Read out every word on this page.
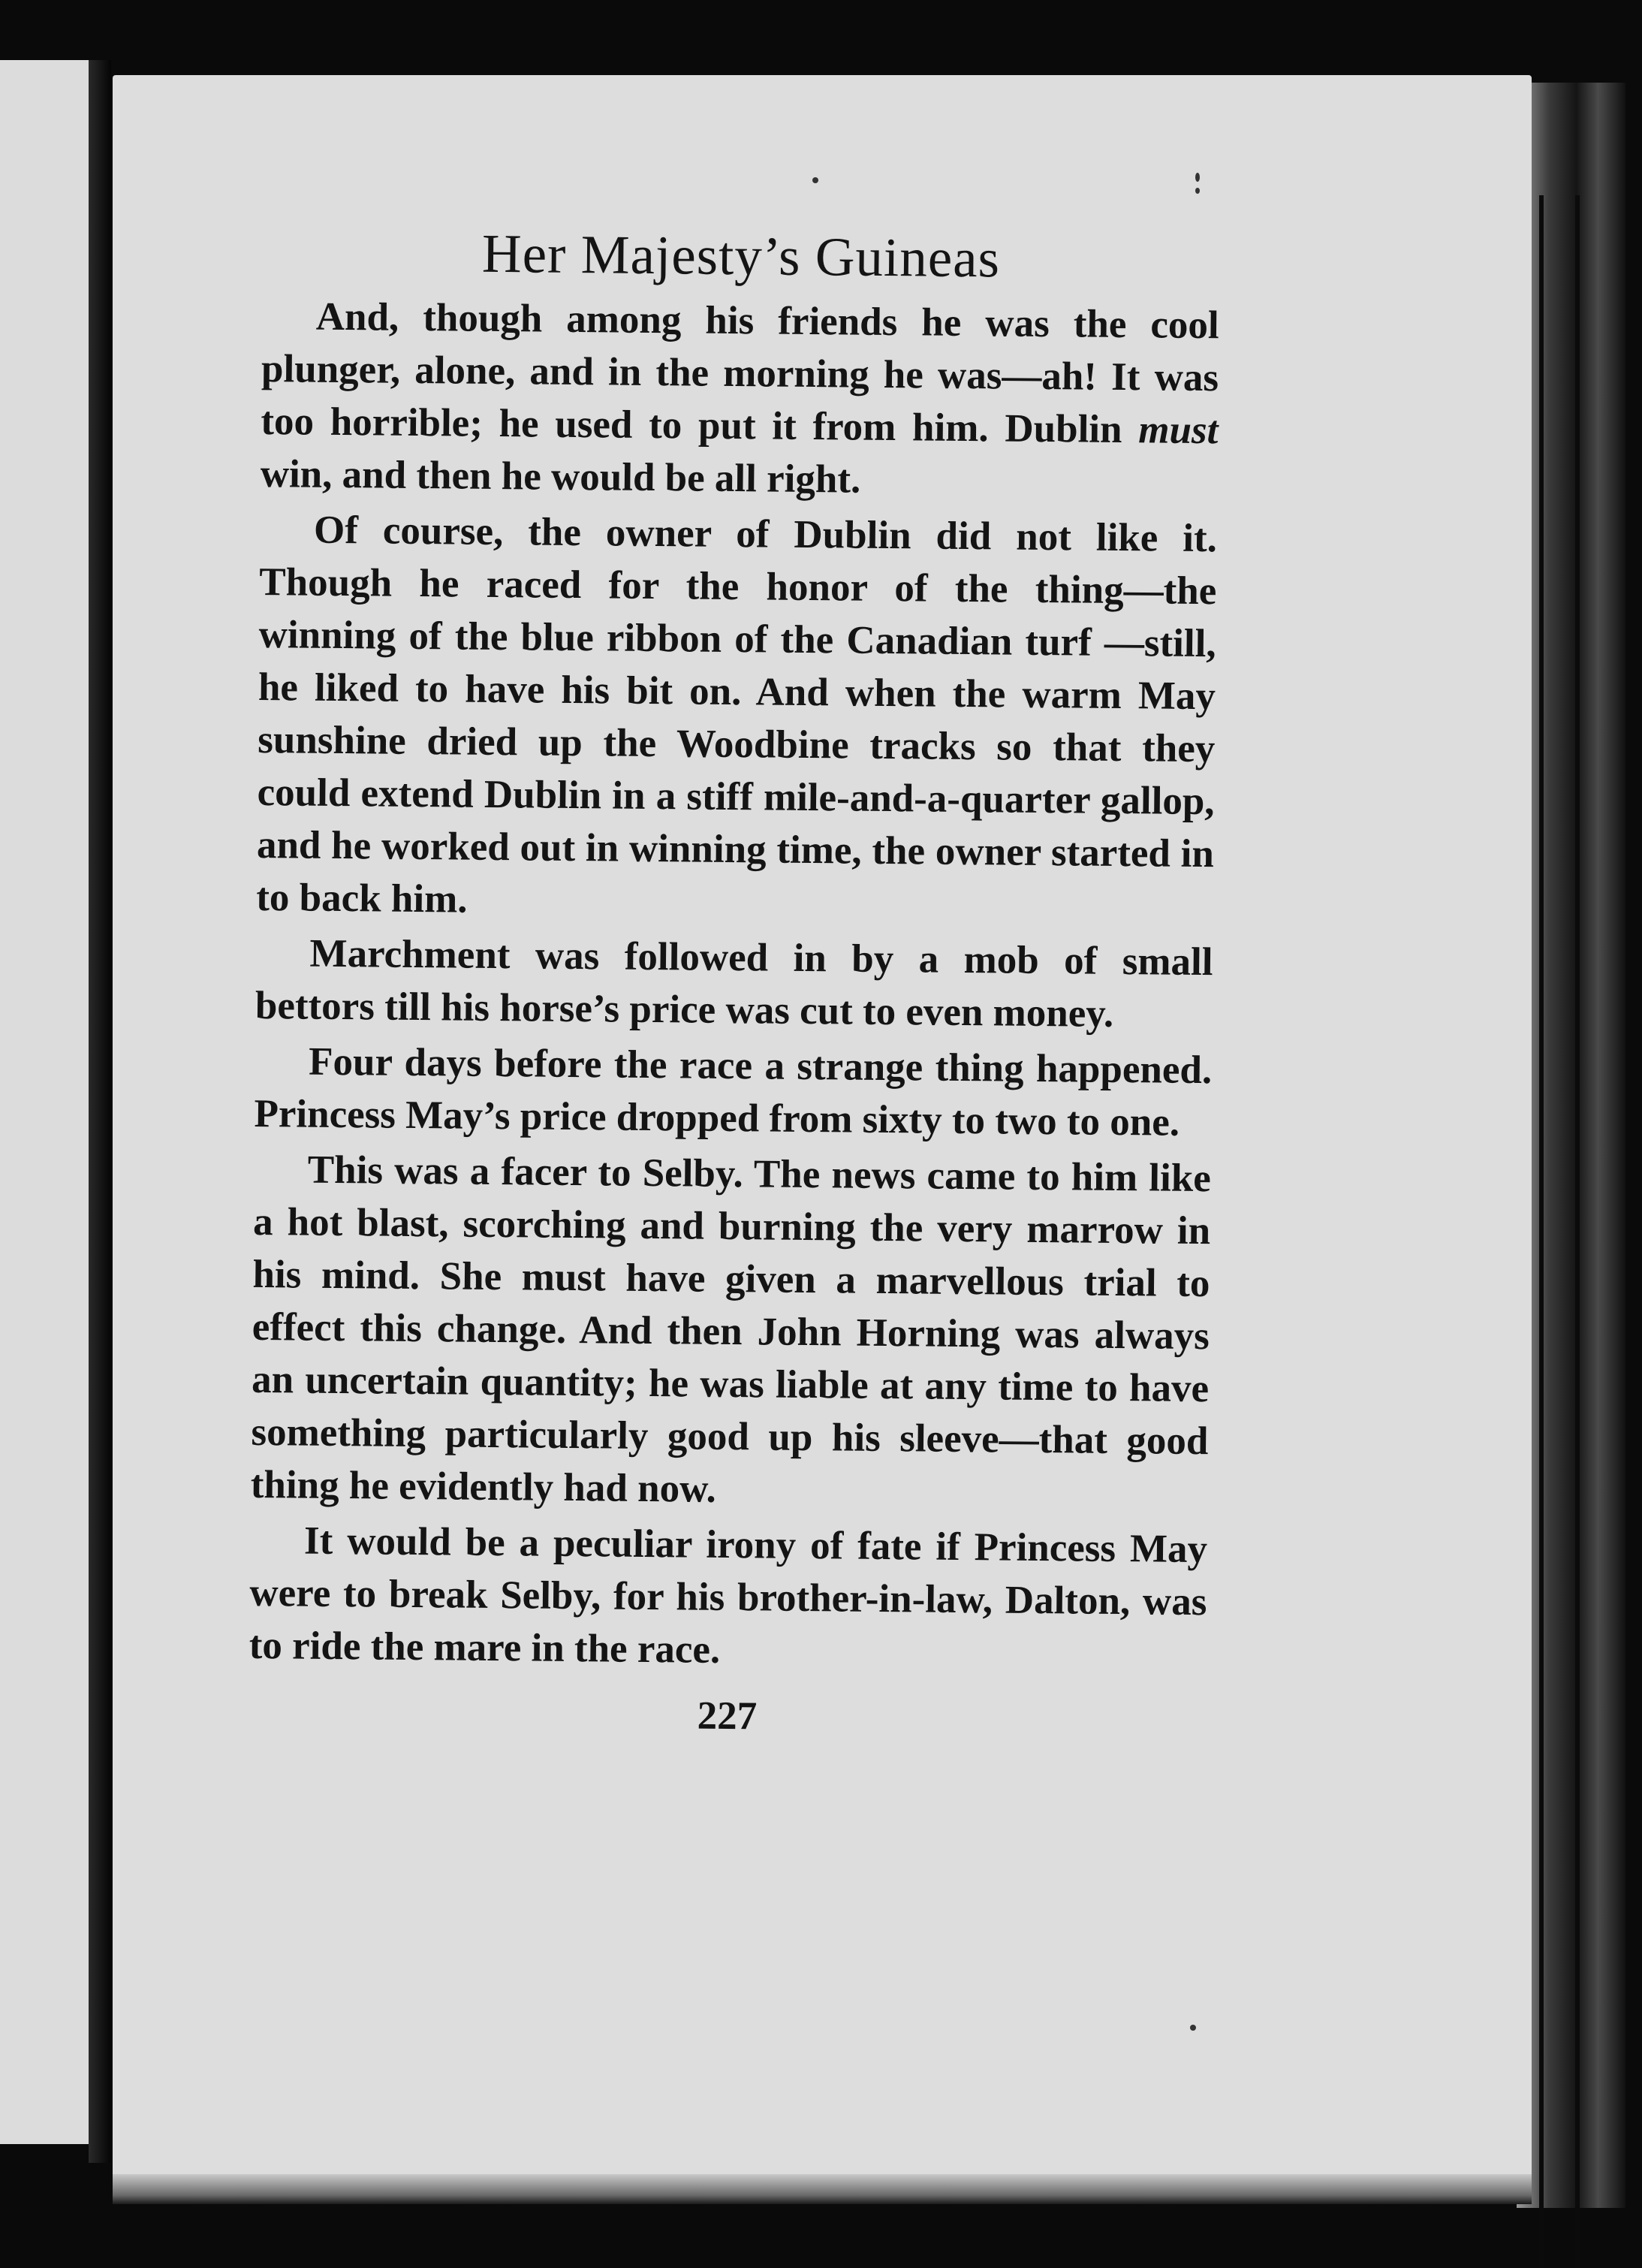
Her Majesty’s Guineas

And, though among his friends he was the cool plunger, alone, and in the morning he was—ah! It was too horrible; he used to put it from him. Dublin must win, and then he would be all right.

Of course, the owner of Dublin did not like it. Though he raced for the honor of the thing—the winning of the blue ribbon of the Canadian turf —still, he liked to have his bit on. And when the warm May sunshine dried up the Woodbine tracks so that they could extend Dublin in a stiff mile-and-a-quarter gallop, and he worked out in winning time, the owner started in to back him.

Marchment was followed in by a mob of small bettors till his horse’s price was cut to even money.

Four days before the race a strange thing happened. Princess May’s price dropped from sixty to two to one.

This was a facer to Selby. The news came to him like a hot blast, scorching and burning the very marrow in his mind. She must have given a marvellous trial to effect this change. And then John Horning was always an uncertain quantity; he was liable at any time to have something particularly good up his sleeve—that good thing he evidently had now.

It would be a peculiar irony of fate if Princess May were to break Selby, for his brother-in-law, Dalton, was to ride the mare in the race.

227
